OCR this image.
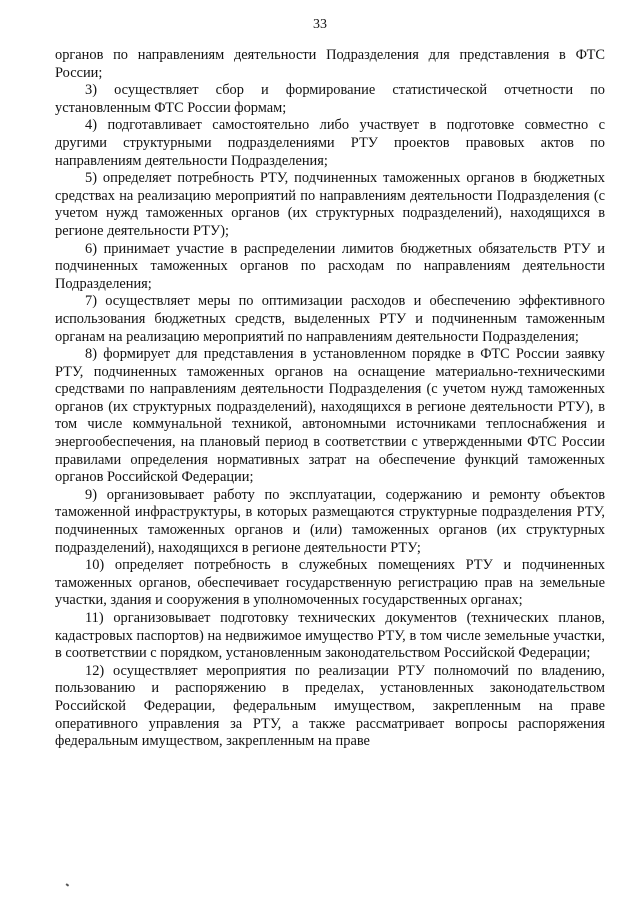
33

органов по направлениям деятельности Подразделения для представления в ФТС России;

3) осуществляет сбор и формирование статистической отчетности по установленным ФТС России формам;

4) подготавливает самостоятельно либо участвует в подготовке совместно с другими структурными подразделениями РТУ проектов правовых актов по направлениям деятельности Подразделения;

5) определяет потребность РТУ, подчиненных таможенных органов в бюджетных средствах на реализацию мероприятий по направлениям деятельности Подразделения (с учетом нужд таможенных органов (их структурных подразделений), находящихся в регионе деятельности РТУ);

6) принимает участие в распределении лимитов бюджетных обязательств РТУ и подчиненных таможенных органов по расходам по направлениям деятельности Подразделения;

7) осуществляет меры по оптимизации расходов и обеспечению эффективного использования бюджетных средств, выделенных РТУ и подчиненным таможенным органам на реализацию мероприятий по направлениям деятельности Подразделения;

8) формирует для представления в установленном порядке в ФТС России заявку РТУ, подчиненных таможенных органов на оснащение материально-техническими средствами по направлениям деятельности Подразделения (с учетом нужд таможенных органов (их структурных подразделений), находящихся в регионе деятельности РТУ), в том числе коммунальной техникой, автономными источниками теплоснабжения и энергообеспечения, на плановый период в соответствии с утвержденными ФТС России правилами определения нормативных затрат на обеспечение функций таможенных органов Российской Федерации;

9) организовывает работу по эксплуатации, содержанию и ремонту объектов таможенной инфраструктуры, в которых размещаются структурные подразделения РТУ, подчиненных таможенных органов и (или) таможенных органов (их структурных подразделений), находящихся в регионе деятельности РТУ;

10) определяет потребность в служебных помещениях РТУ и подчиненных таможенных органов, обеспечивает государственную регистрацию прав на земельные участки, здания и сооружения в уполномоченных государственных органах;

11) организовывает подготовку технических документов (технических планов, кадастровых паспортов) на недвижимое имущество РТУ, в том числе земельные участки, в соответствии с порядком, установленным законодательством Российской Федерации;

12) осуществляет мероприятия по реализации РТУ полномочий по владению, пользованию и распоряжению в пределах, установленных законодательством Российской Федерации, федеральным имуществом, закрепленным на праве оперативного управления за РТУ, а также рассматривает вопросы распоряжения федеральным имуществом, закрепленным на праве
